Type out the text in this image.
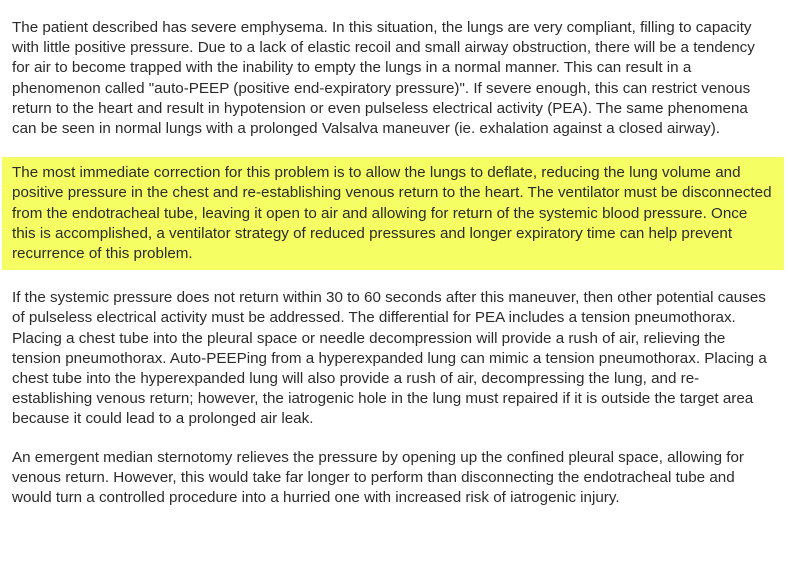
The patient described has severe emphysema. In this situation, the lungs are very compliant, filling to capacity with little positive pressure. Due to a lack of elastic recoil and small airway obstruction, there will be a tendency for air to become trapped with the inability to empty the lungs in a normal manner. This can result in a phenomenon called "auto-PEEP (positive end-expiratory pressure)". If severe enough, this can restrict venous return to the heart and result in hypotension or even pulseless electrical activity (PEA). The same phenomena can be seen in normal lungs with a prolonged Valsalva maneuver (ie. exhalation against a closed airway).

The most immediate correction for this problem is to allow the lungs to deflate, reducing the lung volume and positive pressure in the chest and re-establishing venous return to the heart. The ventilator must be disconnected from the endotracheal tube, leaving it open to air and allowing for return of the systemic blood pressure. Once this is accomplished, a ventilator strategy of reduced pressures and longer expiratory time can help prevent recurrence of this problem.

If the systemic pressure does not return within 30 to 60 seconds after this maneuver, then other potential causes of pulseless electrical activity must be addressed. The differential for PEA includes a tension pneumothorax. Placing a chest tube into the pleural space or needle decompression will provide a rush of air, relieving the tension pneumothorax. Auto-PEEPing from a hyperexpanded lung can mimic a tension pneumothorax. Placing a chest tube into the hyperexpanded lung will also provide a rush of air, decompressing the lung, and re-establishing venous return; however, the iatrogenic hole in the lung must repaired if it is outside the target area because it could lead to a prolonged air leak.

An emergent median sternotomy relieves the pressure by opening up the confined pleural space, allowing for venous return. However, this would take far longer to perform than disconnecting the endotracheal tube and would turn a controlled procedure into a hurried one with increased risk of iatrogenic injury.
